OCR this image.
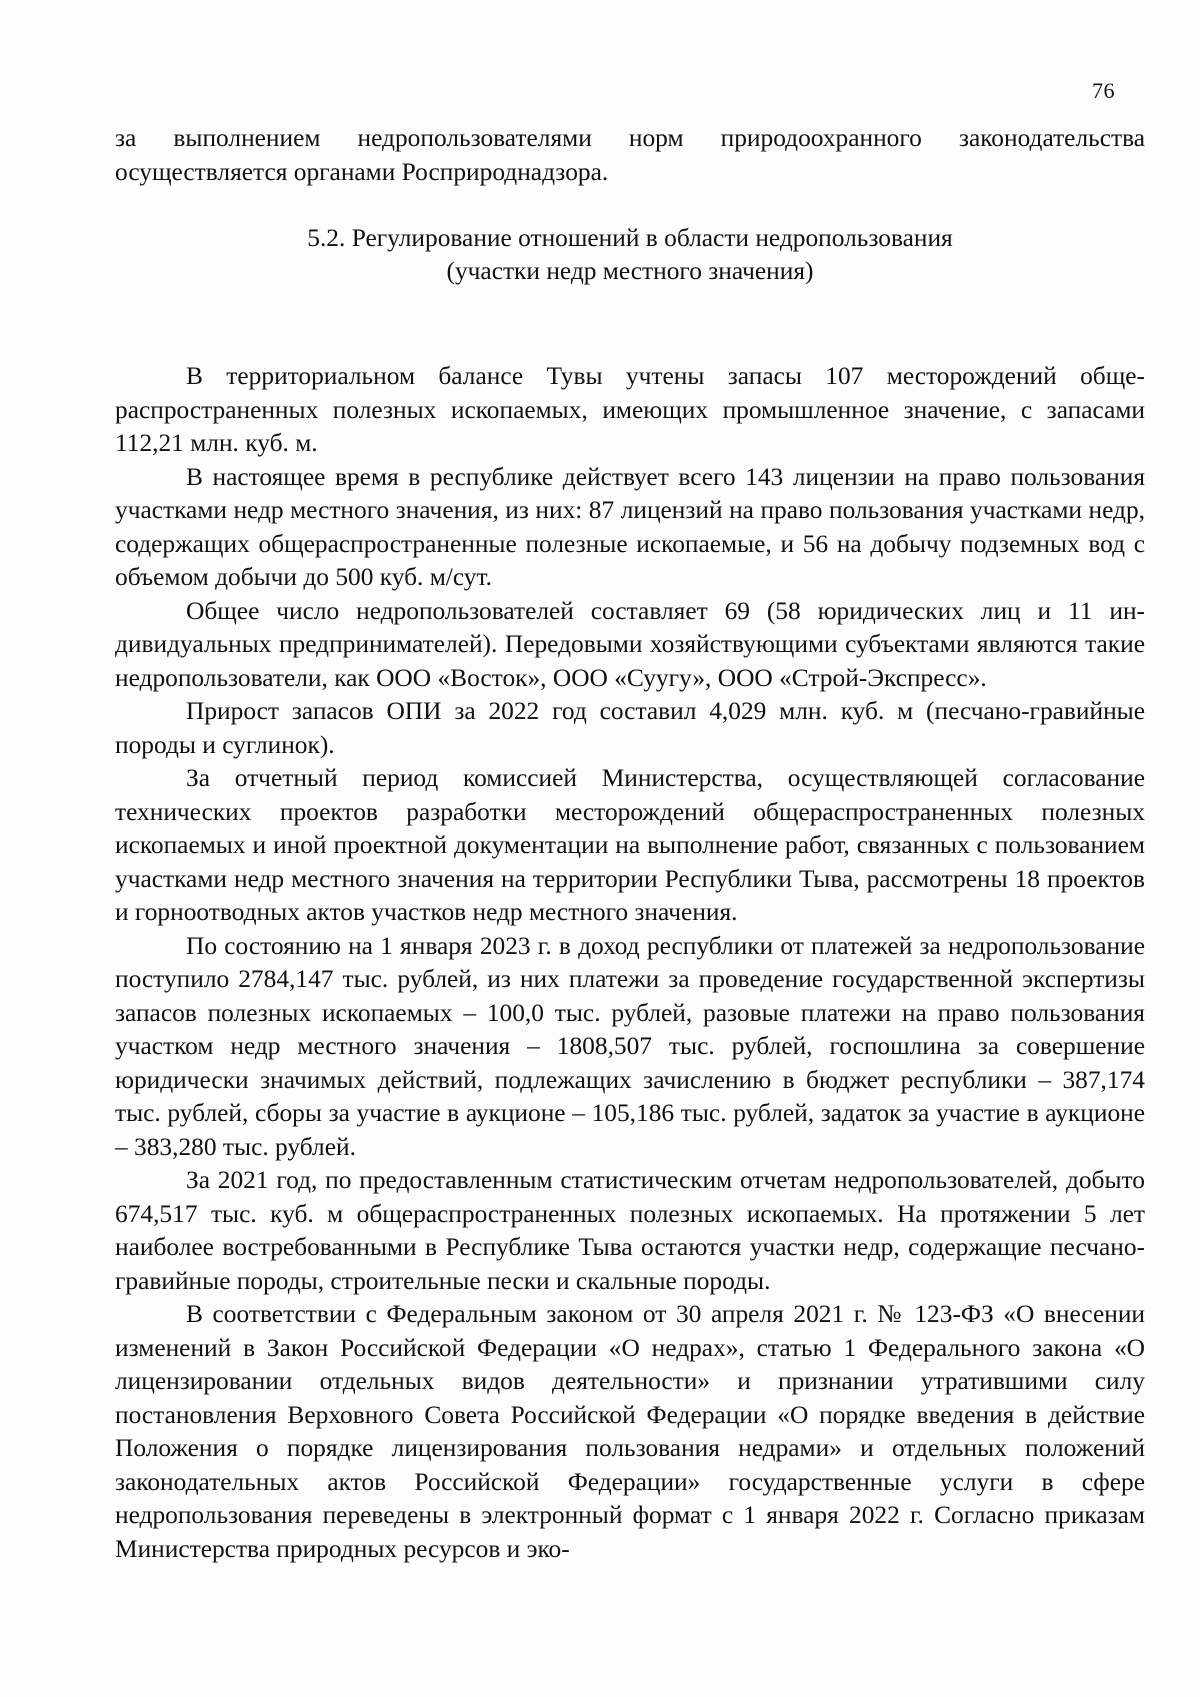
76

за выполнением недропользователями норм природоохранного законодательства осуществляется органами Росприроднадзора.

5.2. Регулирование отношений в области недропользования
(участки недр местного значения)

В территориальном балансе Тувы учтены запасы 107 месторождений общераспространенных полезных ископаемых, имеющих промышленное значение, с запасами 112,21 млн. куб. м.

В настоящее время в республике действует всего 143 лицензии на право пользования участками недр местного значения, из них: 87 лицензий на право пользования участками недр, содержащих общераспространенные полезные ископаемые, и 56 на добычу подземных вод с объемом добычи до 500 куб. м/сут.

Общее число недропользователей составляет 69 (58 юридических лиц и 11 индивидуальных предпринимателей). Передовыми хозяйствующими субъектами являются такие недропользователи, как ООО «Восток», ООО «Суугу», ООО «Строй-Экспресс».

Прирост запасов ОПИ за 2022 год составил 4,029 млн. куб. м (песчано-гравийные породы и суглинок).

За отчетный период комиссией Министерства, осуществляющей согласование технических проектов разработки месторождений общераспространенных полезных ископаемых и иной проектной документации на выполнение работ, связанных с пользованием участками недр местного значения на территории Республики Тыва, рассмотрены 18 проектов и горноотводных актов участков недр местного значения.

По состоянию на 1 января 2023 г. в доход республики от платежей за недропользование поступило 2784,147 тыс. рублей, из них платежи за проведение государственной экспертизы запасов полезных ископаемых – 100,0 тыс. рублей, разовые платежи на право пользования участком недр местного значения – 1808,507 тыс. рублей, госпошлина за совершение юридически значимых действий, подлежащих зачислению в бюджет республики – 387,174 тыс. рублей, сборы за участие в аукционе – 105,186 тыс. рублей, задаток за участие в аукционе – 383,280 тыс. рублей.

За 2021 год, по предоставленным статистическим отчетам недропользователей, добыто 674,517 тыс. куб. м общераспространенных полезных ископаемых. На протяжении 5 лет наиболее востребованными в Республике Тыва остаются участки недр, содержащие песчано-гравийные породы, строительные пески и скальные породы.

В соответствии с Федеральным законом от 30 апреля 2021 г. № 123-ФЗ «О внесении изменений в Закон Российской Федерации «О недрах», статью 1 Федерального закона «О лицензировании отдельных видов деятельности» и признании утратившими силу постановления Верховного Совета Российской Федерации «О порядке введения в действие Положения о порядке лицензирования пользования недрами» и отдельных положений законодательных актов Российской Федерации» государственные услуги в сфере недропользования переведены в электронный формат с 1 января 2022 г. Согласно приказам Министерства природных ресурсов и эко-
